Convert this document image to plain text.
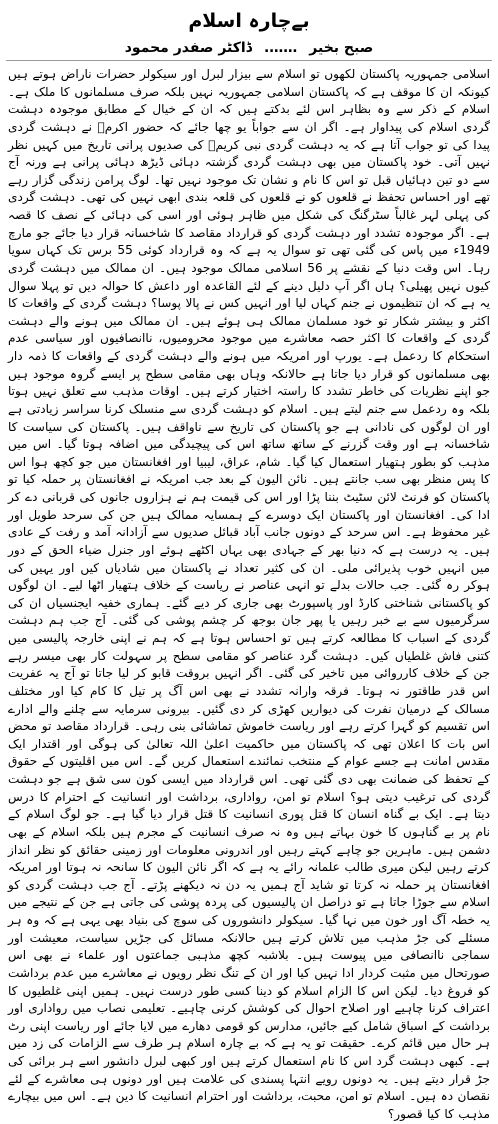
بےچارہ اسلام
صبح بخیر…….ڈاکٹر صفدر محمود
اسلامی جمہوریہ پاکستان لکھوں تو اسلام سے بیزار لبرل اور سیکولر حضرات ناراض ہوتے ہیں کیونکہ ان کا موقف ہے کہ پاکستان اسلامی جمہوریہ نہیں بلکہ صرف مسلمانوں کا ملک ہے۔ اسلام کے ذکر سے وہ بظاہر اس لئے بدکتے ہیں کہ ان کے خیال کے مطابق موجودہ دہشت گردی اسلام کی پیداوار ہے۔ اگر ان سے جواباً یو چھا جائے کہ حضور اکرمؐ نے دہشت گردی پیدا کی تو جواب آتا ہے کہ یہ دہشت گردی نبی کریمؐ کی صدیوں پرانی تاریخ میں کہیں نظر نہیں آتی۔ خود پاکستان میں بھی دہشت گردی گزشتہ دہائی ڈیڑھ دہائی پرانی ہے ورنہ آج سے دو تین دہائیاں قبل تو اس کا نام و نشان تک موجود نہیں تھا۔ لوگ پرامن زندگی گزار رہے تھے اور احساس تحفظ نے قلعوں کو نے قلعوں کی قلعہ بندی ابھی نہیں کی تھی۔ دہشت گردی کی پہلی لہر غالباً سٹرگنگ کی شکل میں ظاہر ہوئی اور اسی کی دہائی کے نصف کا قصہ ہے۔ اگر موجودہ تشدد اور دہشت گردی کو قرارداد مقاصد کا شاخسانہ قرار دیا جائے جو مارچ 1949ء میں پاس کی گئی تھی تو سوال یہ ہے کہ وہ قرارداد کوئی 55 برس تک کہاں سویا رہا۔ اس وقت دنیا کے نقشے پر 56 اسلامی ممالک موجود ہیں۔ ان ممالک میں دہشت گردی کیوں نہیں پھیلی؟ ہاں اگر آپ دلیل دینے کے لئے القاعدہ اور داعش کا حوالہ دیں تو پہلا سوال یہ ہے کہ ان تنظیموں نے جنم کہاں لیا اور انہیں کس نے پالا پوسا؟ دہشت گردی کے واقعات کا اکثر و بیشتر شکار تو خود مسلمان ممالک ہی ہوئے ہیں۔ ان ممالک میں ہونے والے دہشت گردی کے واقعات کا اکثر حصہ معاشرے میں موجود محرومیوں، ناانصافیوں اور سیاسی عدم استحکام کا ردعمل ہے۔ یورپ اور امریکہ میں ہونے والے دہشت گردی کے واقعات کا ذمہ دار بھی مسلمانوں کو قرار دیا جاتا ہے حالانکہ وہاں بھی مقامی سطح پر ایسے گروہ موجود ہیں جو اپنے نظریات کی خاطر تشدد کا راستہ اختیار کرتے ہیں۔ اوقات مذہب سے تعلق نہیں ہوتا بلکہ وہ ردعمل سے جنم لیتے ہیں۔ اسلام کو دہشت گردی سے منسلک کرنا سراسر زیادتی ہے اور ان لوگوں کی نادانی ہے جو پاکستان کی تاریخ سے ناواقف ہیں۔ پاکستان کی سیاست کا شاخسانہ ہے اور وقت گزرنے کے ساتھ ساتھ اس کی پیچیدگی میں اضافہ ہوتا گیا۔ اس میں مذہب کو بطور ہتھیار استعمال کیا گیا۔ شام، عراق، لیبیا اور افغانستان میں جو کچھ ہوا اس کا پس منظر بھی سب جانتے ہیں۔ نائن الیون کے بعد جب امریکہ نے افغانستان پر حملہ کیا تو پاکستان کو فرنٹ لائن سٹیٹ بننا پڑا اور اس کی قیمت ہم نے ہزاروں جانوں کی قربانی دے کر ادا کی۔ افغانستان اور پاکستان ایک دوسرے کے ہمسایہ ممالک ہیں جن کی سرحد طویل اور غیر محفوظ ہے۔ اس سرحد کے دونوں جانب آباد قبائل صدیوں سے آزادانہ آمد و رفت کے عادی ہیں۔ یہ درست ہے کہ دنیا بھر کے جہادی بھی یہاں اکٹھے ہوئے اور جنرل ضیاء الحق کے دور میں انہیں خوب پذیرائی ملی۔ ان کی کثیر تعداد نے پاکستان میں شادیاں کیں اور یہیں کی ہوکر رہ گئی۔ جب حالات بدلے تو انہی عناصر نے ریاست کے خلاف ہتھیار اٹھا لیے۔ ان لوگوں کو پاکستانی شناختی کارڈ اور پاسپورٹ بھی جاری کر دیے گئے۔ ہماری خفیہ ایجنسیاں ان کی سرگرمیوں سے بے خبر رہیں یا پھر جان بوجھ کر چشم پوشی کی گئی۔ آج جب ہم دہشت گردی کے اسباب کا مطالعہ کرتے ہیں تو احساس ہوتا ہے کہ ہم نے اپنی خارجہ پالیسی میں کتنی فاش غلطیاں کیں۔ دہشت گرد عناصر کو مقامی سطح پر سہولت کار بھی میسر رہے جن کے خلاف کارروائی میں تاخیر کی گئی۔ اگر انہیں بروقت قابو کر لیا جاتا تو آج یہ عفریت اس قدر طاقتور نہ ہوتا۔ فرقہ وارانہ تشدد نے بھی اس آگ پر تیل کا کام کیا اور مختلف مسالک کے درمیان نفرت کی دیواریں کھڑی کر دی گئیں۔ بیرونی سرمایہ سے چلنے والے ادارے اس تقسیم کو گہرا کرتے رہے اور ریاست خاموش تماشائی بنی رہی۔ قرارداد مقاصد تو محض اس بات کا اعلان تھی کہ پاکستان میں حاکمیت اعلیٰ اللہ تعالیٰ کی ہوگی اور اقتدار ایک مقدس امانت ہے جسے عوام کے منتخب نمائندے استعمال کریں گے۔ اس میں اقلیتوں کے حقوق کے تحفظ کی ضمانت بھی دی گئی تھی۔ اس قرارداد میں ایسی کون سی شق ہے جو دہشت گردی کی ترغیب دیتی ہو؟ اسلام تو امن، رواداری، برداشت اور انسانیت کے احترام کا درس دیتا ہے۔ ایک بے گناہ انسان کا قتل پوری انسانیت کا قتل قرار دیا گیا ہے۔ جو لوگ اسلام کے نام پر بے گناہوں کا خون بہاتے ہیں وہ نہ صرف انسانیت کے مجرم ہیں بلکہ اسلام کے بھی دشمن ہیں۔ ماہرین جو چاہے کہتے رہیں اور اندرونی معلومات اور زمینی حقائق کو نظر انداز کرتے رہیں لیکن میری طالب علمانہ رائے یہ ہے کہ اگر نائن الیون کا سانحہ نہ ہوتا اور امریکہ افغانستان پر حملہ نہ کرتا تو شاید آج ہمیں یہ دن نہ دیکھنے پڑتے۔ آج جب دہشت گردی کو اسلام سے جوڑا جاتا ہے تو دراصل ان پالیسیوں کی پردہ پوشی کی جاتی ہے جن کے نتیجے میں یہ خطہ آگ اور خون میں نہا گیا۔ سیکولر دانشوروں کی سوچ کی بنیاد بھی یہی ہے کہ وہ ہر مسئلے کی جڑ مذہب میں تلاش کرتے ہیں حالانکہ مسائل کی جڑیں سیاست، معیشت اور سماجی ناانصافی میں پیوست ہیں۔ بلاشبہ کچھ مذہبی جماعتوں اور علماء نے بھی اس صورتحال میں مثبت کردار ادا نہیں کیا اور ان کے تنگ نظر رویوں نے معاشرے میں عدم برداشت کو فروغ دیا۔ لیکن اس کا الزام اسلام کو دینا کسی طور درست نہیں۔ ہمیں اپنی غلطیوں کا اعتراف کرنا چاہیے اور اصلاح احوال کی کوشش کرنی چاہیے۔ تعلیمی نصاب میں رواداری اور برداشت کے اسباق شامل کیے جائیں، مدارس کو قومی دھارے میں لایا جائے اور ریاست اپنی رٹ ہر حال میں قائم کرے۔ حقیقت تو یہ ہے کہ بے چارہ اسلام ہر طرف سے الزامات کی زد میں ہے۔ کبھی دہشت گرد اس کا نام استعمال کرتے ہیں اور کبھی لبرل دانشور اسے ہر برائی کی جڑ قرار دیتے ہیں۔ یہ دونوں رویے انتہا پسندی کی علامت ہیں اور دونوں ہی معاشرے کے لئے نقصان دہ ہیں۔ اسلام تو امن، محبت، برداشت اور احترام انسانیت کا دین ہے۔ اس میں بیچارے مذہب کا کیا قصور؟
